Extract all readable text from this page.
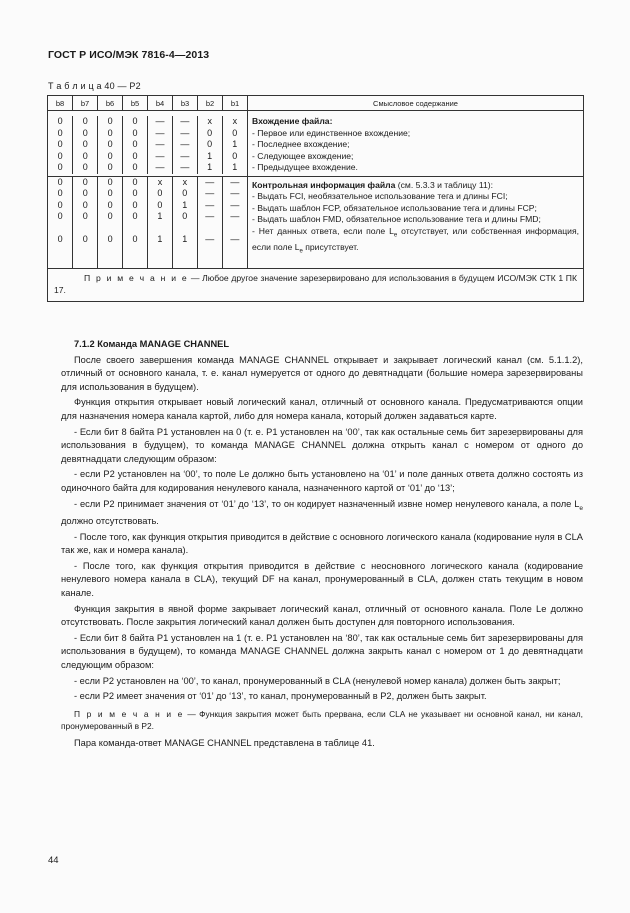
ГОСТ Р ИСО/МЭК 7816-4—2013
Т а б л и ц а 40 — P2
b8	b7	b6	b5	b4	b3	b2	b1	Смысловое содержание

0	0	0	0	—	—	x	x
0	0	0	0	—	—	0	0
0	0	0	0	—	—	0	1
0	0	0	0	—	—	1	0
0	0	0	0	—	—	1	1

Вхождение файла:
- Первое или единственное вхождение;
- Последнее вхождение;
- Следующее вхождение;
- Предыдущее вхождение.

0	0	0	0	x	x	—	—
0	0	0	0	0	0	—	—
0	0	0	0	0	1	—	—
0	0	0	0	1	0	—	—

0	0	0	0	1	1	—	—

Контрольная информация файла (см. 5.3.3 и таблицу 11):
- Выдать FCI, необязательное использование тега и длины FCI;
- Выдать шаблон FCP, обязательное использование тега и длины FCP;
- Выдать шаблон FMD, обязательное использование тега и длины FMD;
- Нет данных ответа, если поле $L_e$ отсутствует, или собственная информация, если поле $L_e$ присутствует.

П р и м е ч а н и е — Любое другое значение зарезервировано для использования в будущем ИСО/МЭК СТК 1 ПК 17.
7.1.2 Команда MANAGE CHANNEL

После своего завершения команда MANAGE CHANNEL открывает и закрывает логический канал (см. 5.1.1.2), отличный от основного канала, т. е. канал нумеруется от одного до девятнадцати (большие номера зарезервированы для использования в будущем).

Функция открытия открывает новый логический канал, отличный от основного канала. Предусматриваются опции для назначения номера канала картой, либо для номера канала, который должен задаваться карте.

- Если бит 8 байта P1 установлен на 0 (т. е. P1 установлен на ‘00’, так как остальные семь бит зарезервированы для использования в будущем), то команда MANAGE CHANNEL должна открыть канал с номером от одного до девятнадцати следующим образом:

- если P2 установлен на ‘00’, то поле Le должно быть установлено на ‘01’ и поле данных ответа должно состоять из одиночного байта для кодирования ненулевого канала, назначенного картой от ‘01’ до ‘13’;

- если P2 принимает значения от ‘01’ до ‘13’, то он кодирует назначенный извне номер ненулевого канала, а поле $L_e$ должно отсутствовать.

- После того, как функция открытия приводится в действие с основного логического канала (кодирование нуля в CLA так же, как и номера канала).

- После того, как функция открытия приводится в действие с неосновного логического канала (кодирование ненулевого номера канала в CLA), текущий DF на канал, пронумерованный в CLA, должен стать текущим в новом канале.

Функция закрытия в явной форме закрывает логический канал, отличный от основного канала. Поле Le должно отсутствовать. После закрытия логический канал должен быть доступен для повторного использования.

- Если бит 8 байта P1 установлен на 1 (т. е. P1 установлен на ‘80’, так как остальные семь бит зарезервированы для использования в будущем), то команда MANAGE CHANNEL должна закрыть канал с номером от 1 до девятнадцати следующим образом:

- если P2 установлен на ‘00’, то канал, пронумерованный в CLA (ненулевой номер канала) должен быть закрыт;

- если P2 имеет значения от ‘01’ до ‘13’, то канал, пронумерованный в P2, должен быть закрыт.

П р и м е ч а н и е — Функция закрытия может быть прервана, если CLA не указывает ни основной канал, ни канал, пронумерованный в P2.

Пара команда-ответ MANAGE CHANNEL представлена в таблице 41.

44
